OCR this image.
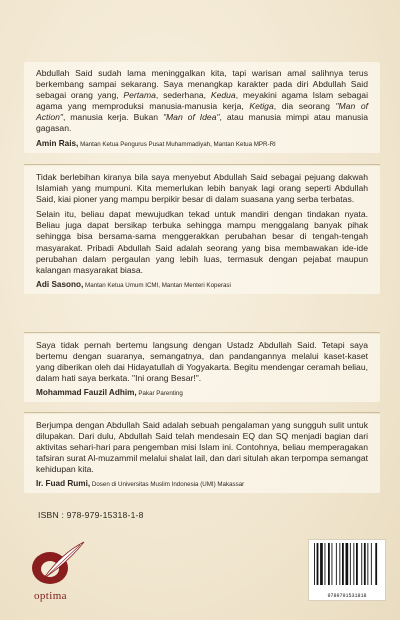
Abdullah Said sudah lama meninggalkan kita, tapi warisan amal salihnya terus berkembang sampai sekarang. Saya menangkap karakter pada diri Abdullah Said sebagai orang yang, Pertama, sederhana, Kedua, meyakini agama Islam sebagai agama yang memproduksi manusia-manusia kerja, Ketiga, dia seorang "Man of Action", manusia kerja. Bukan "Man of Idea", atau manusia mimpi atau manusia gagasan.

Amin Rais, Mantan Ketua Pengurus Pusat Muhammadiyah, Mantan Ketua MPR-RI

Tidak berlebihan kiranya bila saya menyebut Abdullah Said sebagai pejuang dakwah Islamiah yang mumpuni. Kita memerlukan lebih banyak lagi orang seperti Abdullah Said, kiai pioner yang mampu berpikir besar di dalam suasana yang serba terbatas.

Selain itu, beliau dapat mewujudkan tekad untuk mandiri dengan tindakan nyata. Beliau juga dapat bersikap terbuka sehingga mampu menggalang banyak pihak sehingga bisa bersama-sama menggerakkan perubahan besar di tengah-tengah masyarakat. Pribadi Abdullah Said adalah seorang yang bisa membawakan ide-ide perubahan dalam pergaulan yang lebih luas, termasuk dengan pejabat maupun kalangan masyarakat biasa.

Adi Sasono, Mantan Ketua Umum ICMI, Mantan Menteri Koperasi

Saya tidak pernah bertemu langsung dengan Ustadz Abdullah Said. Tetapi saya bertemu dengan suaranya, semangatnya, dan pandangannya melalui kaset-kaset yang diberikan oleh dai Hidayatullah di Yogyakarta. Begitu mendengar ceramah beliau, dalam hati saya berkata. "Ini orang Besar!".

Mohammad Fauzil Adhim, Pakar Parenting

Berjumpa dengan Abdullah Said adalah sebuah pengalaman yang sungguh sulit untuk dilupakan. Dari dulu, Abdullah Said telah mendesain EQ dan SQ menjadi bagian dari aktivitas sehari-hari para pengemban misi Islam ini. Contohnya, beliau memperagakan tafsiran surat Al-muzammil melalui shalat lail, dan dari situlah akan terpompa semangat kehidupan kita.

Ir. Fuad Rumi, Dosen di Universitas Muslim Indonesia (UMI) Makassar
ISBN : 978-979-15318-1-8
optima	9789791531818
